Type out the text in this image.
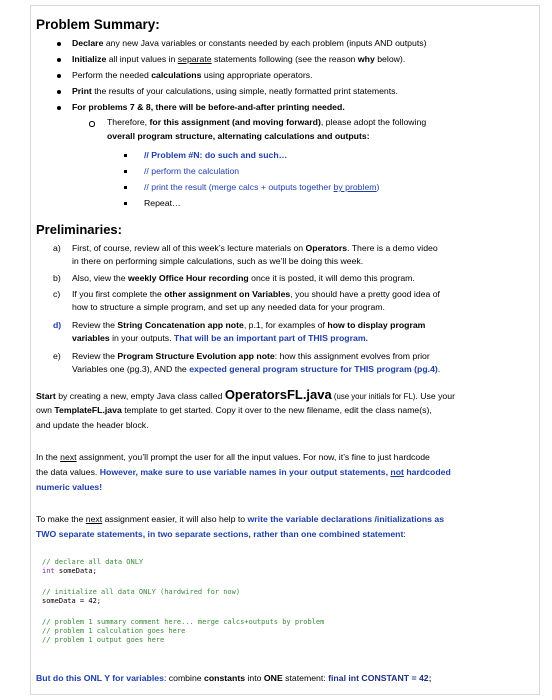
Problem Summary:
Declare any new Java variables or constants needed by each problem (inputs AND outputs)
Initialize all input values in separate statements following (see the reason why below).
Perform the needed calculations using appropriate operators.
Print the results of your calculations, using simple, neatly formatted print statements.
For problems 7 & 8, there will be before-and-after printing needed.
Therefore, for this assignment (and moving forward), please adopt the following
overall program structure, alternating calculations and outputs:
// Problem #N: do such and such…
// perform the calculation
// print the result (merge calcs + outputs together by problem)
Repeat…
Preliminaries:
a) First, of course, review all of this week’s lecture materials on Operators. There is a demo video
in there on performing simple calculations, such as we’ll be doing this week.
b) Also, view the weekly Office Hour recording once it is posted, it will demo this program.
c) If you first complete the other assignment on Variables, you should have a pretty good idea of
how to structure a simple program, and set up any needed data for your program.
d) Review the String Concatenation app note, p.1, for examples of how to display program
variables in your outputs. That will be an important part of THIS program.
e) Review the Program Structure Evolution app note: how this assignment evolves from prior
Variables one (pg.3), AND the expected general program structure for THIS program (pg.4).
Start by creating a new, empty Java class called OperatorsFL.java (use your initials for FL). Use your
own TemplateFL.java template to get started. Copy it over to the new filename, edit the class name(s),
and update the header block.
In the next assignment, you’ll prompt the user for all the input values. For now, it’s fine to just hardcode
the data values. However, make sure to use variable names in your output statements, not hardcoded
numeric values!
To make the next assignment easier, it will also help to write the variable declarations /initializations as
TWO separate statements, in two separate sections, rather than one combined statement:
// declare all data ONLY
int someData;
// initialize all data ONLY (hardwired for now)
someData = 42;
// problem 1 summary comment here... merge calcs+outputs by problem
// problem 1 calculation goes here
// problem 1 output goes here
But do this ONL Y for variables: combine constants into ONE statement: final int CONSTANT = 42;
